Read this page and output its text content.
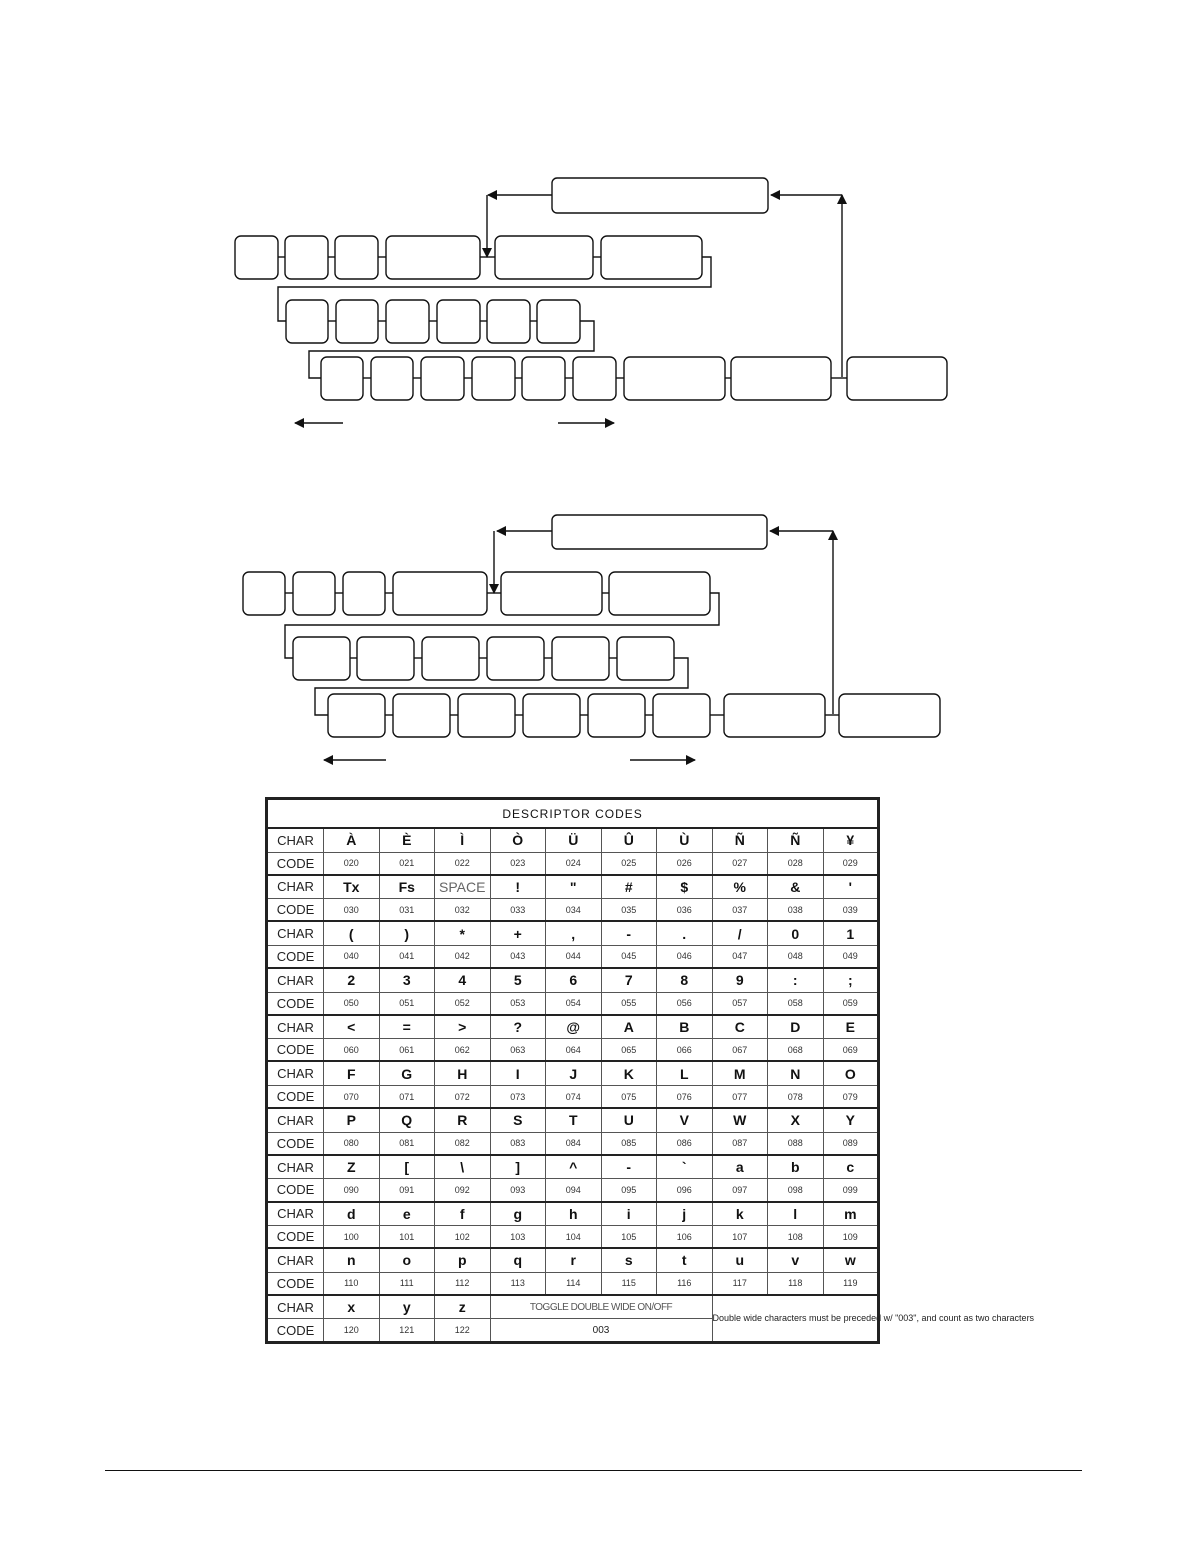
DESCRIPTOR CODES										
CHAR	À	È	Ì	Ò	Ü	Û	Ù	Ñ	Ñ	¥
CODE	020	021	022	023	024	025	026	027	028	029
CHAR	Tx	Fs	SPACE	!	"	#	$	%	&	'
CODE	030	031	032	033	034	035	036	037	038	039
CHAR	(	)	*	+	,	-	.	/	0	1
CODE	040	041	042	043	044	045	046	047	048	049
CHAR	2	3	4	5	6	7	8	9	:	;
CODE	050	051	052	053	054	055	056	057	058	059
CHAR	<	=	>	?	@	A	B	C	D	E
CODE	060	061	062	063	064	065	066	067	068	069
CHAR	F	G	H	I	J	K	L	M	N	O
CODE	070	071	072	073	074	075	076	077	078	079
CHAR	P	Q	R	S	T	U	V	W	X	Y
CODE	080	081	082	083	084	085	086	087	088	089
CHAR	Z	[	\	]	^	-	`	a	b	c
CODE	090	091	092	093	094	095	096	097	098	099
CHAR	d	e	f	g	h	i	j	k	l	m
CODE	100	101	102	103	104	105	106	107	108	109
CHAR	n	o	p	q	r	s	t	u	v	w
CODE	110	111	112	113	114	115	116	117	118	119
CHAR	x	y	z	TOGGLE DOUBLE WIDE ON/OFF				Double wide characters must be preceded w/ "003", and count as two characters		
CODE	120	121	122	003						
